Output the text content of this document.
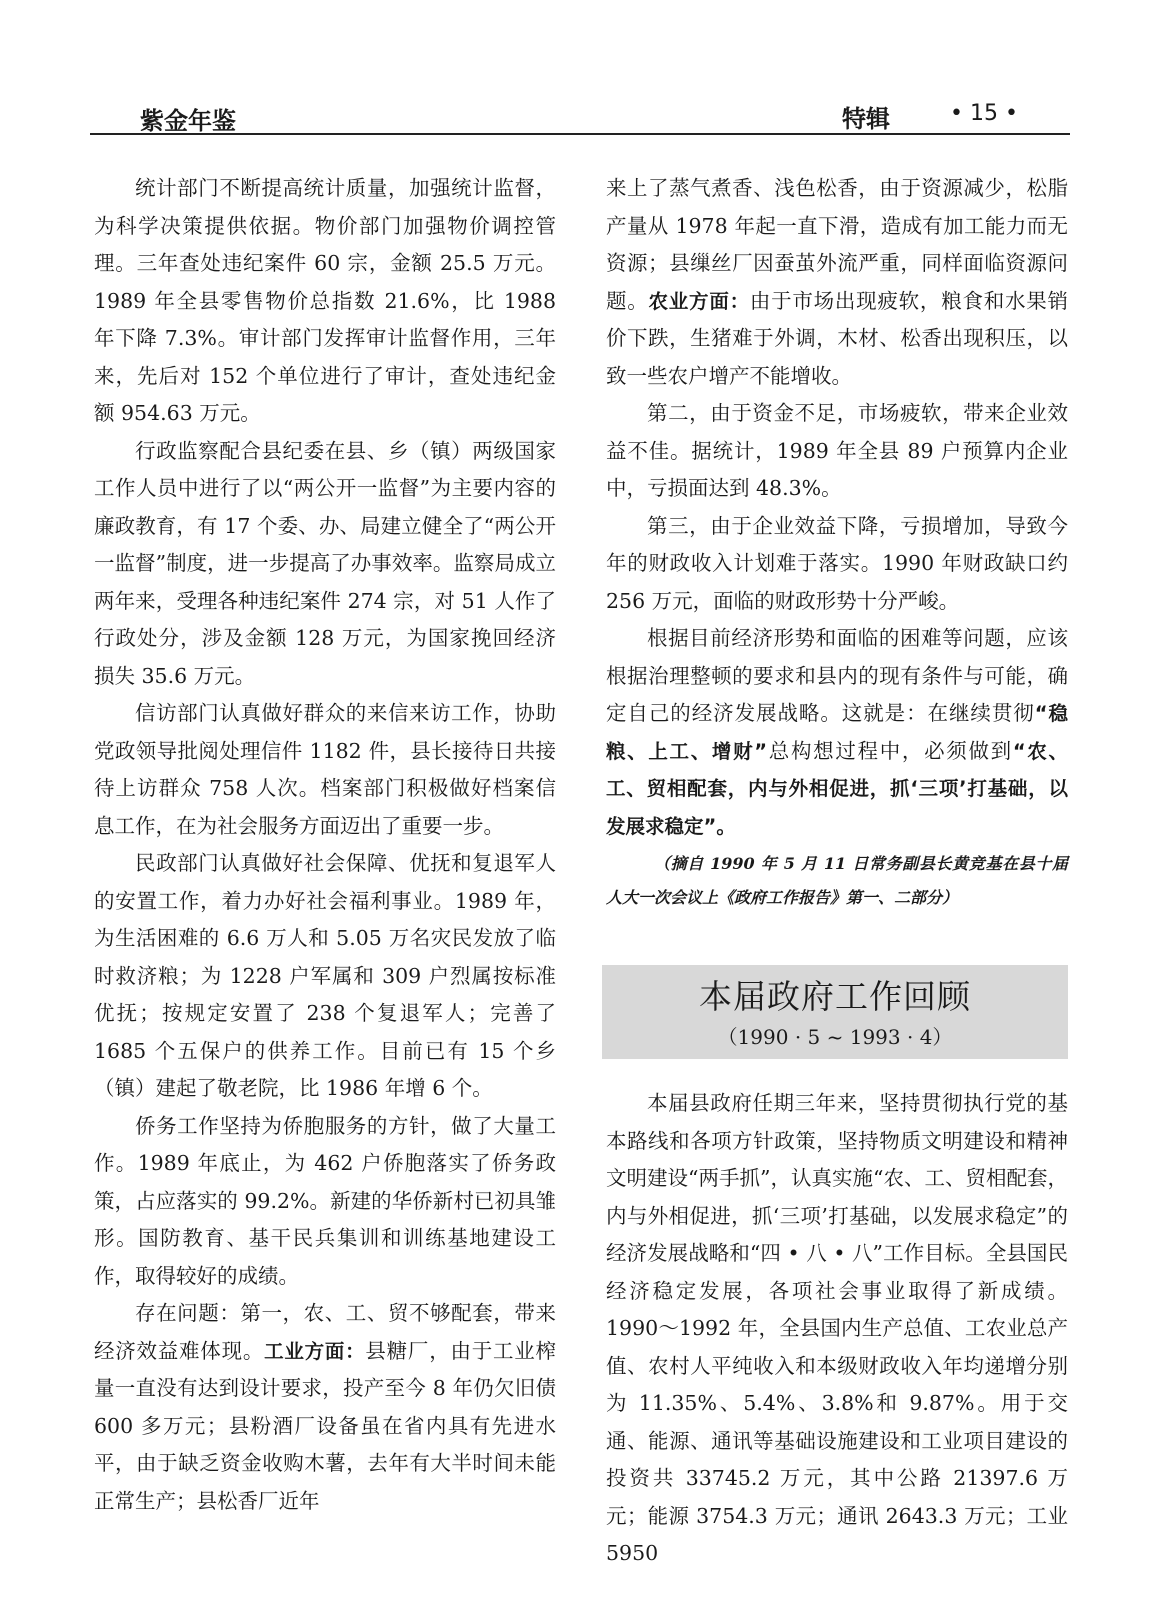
紫金年鉴	特辑	• 15 •

统计部门不断提高统计质量，加强统计监督，为科学决策提供依据。物价部门加强物价调控管理。三年查处违纪案件 60 宗，金额 25.5 万元。1989 年全县零售物价总指数 21.6%，比 1988 年下降 7.3%。审计部门发挥审计监督作用，三年来，先后对 152 个单位进行了审计，查处违纪金额 954.63 万元。

行政监察配合县纪委在县、乡（镇）两级国家工作人员中进行了以“两公开一监督”为主要内容的廉政教育，有 17 个委、办、局建立健全了“两公开一监督”制度，进一步提高了办事效率。监察局成立两年来，受理各种违纪案件 274 宗，对 51 人作了行政处分，涉及金额 128 万元，为国家挽回经济损失 35.6 万元。

信访部门认真做好群众的来信来访工作，协助党政领导批阅处理信件 1182 件，县长接待日共接待上访群众 758 人次。档案部门积极做好档案信息工作，在为社会服务方面迈出了重要一步。

民政部门认真做好社会保障、优抚和复退军人的安置工作，着力办好社会福利事业。1989 年，为生活困难的 6.6 万人和 5.05 万名灾民发放了临时救济粮；为 1228 户军属和 309 户烈属按标准优抚；按规定安置了 238 个复退军人；完善了 1685 个五保户的供养工作。目前已有 15 个乡（镇）建起了敬老院，比 1986 年增 6 个。

侨务工作坚持为侨胞服务的方针，做了大量工作。1989 年底止，为 462 户侨胞落实了侨务政策，占应落实的 99.2%。新建的华侨新村已初具雏形。国防教育、基干民兵集训和训练基地建设工作，取得较好的成绩。

存在问题：第一，农、工、贸不够配套，带来经济效益难体现。工业方面：县糖厂，由于工业榨量一直没有达到设计要求，投产至今 8 年仍欠旧债 600 多万元；县粉酒厂设备虽在省内具有先进水平，由于缺乏资金收购木薯，去年有大半时间未能正常生产；县松香厂近年

来上了蒸气煮香、浅色松香，由于资源减少，松脂产量从 1978 年起一直下滑，造成有加工能力而无资源；县缫丝厂因蚕茧外流严重，同样面临资源问题。农业方面：由于市场出现疲软，粮食和水果销价下跌，生猪难于外调，木材、松香出现积压，以致一些农户增产不能增收。

第二，由于资金不足，市场疲软，带来企业效益不佳。据统计，1989 年全县 89 户预算内企业中，亏损面达到 48.3%。

第三，由于企业效益下降，亏损增加，导致今年的财政收入计划难于落实。1990 年财政缺口约 256 万元，面临的财政形势十分严峻。

根据目前经济形势和面临的困难等问题，应该根据治理整顿的要求和县内的现有条件与可能，确定自己的经济发展战略。这就是：在继续贯彻“稳粮、上工、增财”总构想过程中，必须做到“农、工、贸相配套，内与外相促进，抓‘三项’打基础，以发展求稳定”。

（摘自 1990 年 5 月 11 日常务副县长黄竞基在县十届人大一次会议上《政府工作报告》第一、二部分）

本届政府工作回顾
（1990 · 5 ~ 1993 · 4）

本届县政府任期三年来，坚持贯彻执行党的基本路线和各项方针政策，坚持物质文明建设和精神文明建设“两手抓”，认真实施“农、工、贸相配套，内与外相促进，抓‘三项’打基础，以发展求稳定”的经济发展战略和“四 • 八 • 八”工作目标。全县国民经济稳定发展，各项社会事业取得了新成绩。1990～1992 年，全县国内生产总值、工农业总产值、农村人平纯收入和本级财政收入年均递增分别为 11.35%、5.4%、3.8%和 9.87%。用于交通、能源、通讯等基础设施建设和工业项目建设的投资共 33745.2 万元，其中公路 21397.6 万元；能源 3754.3 万元；通讯 2643.3 万元；工业 5950
